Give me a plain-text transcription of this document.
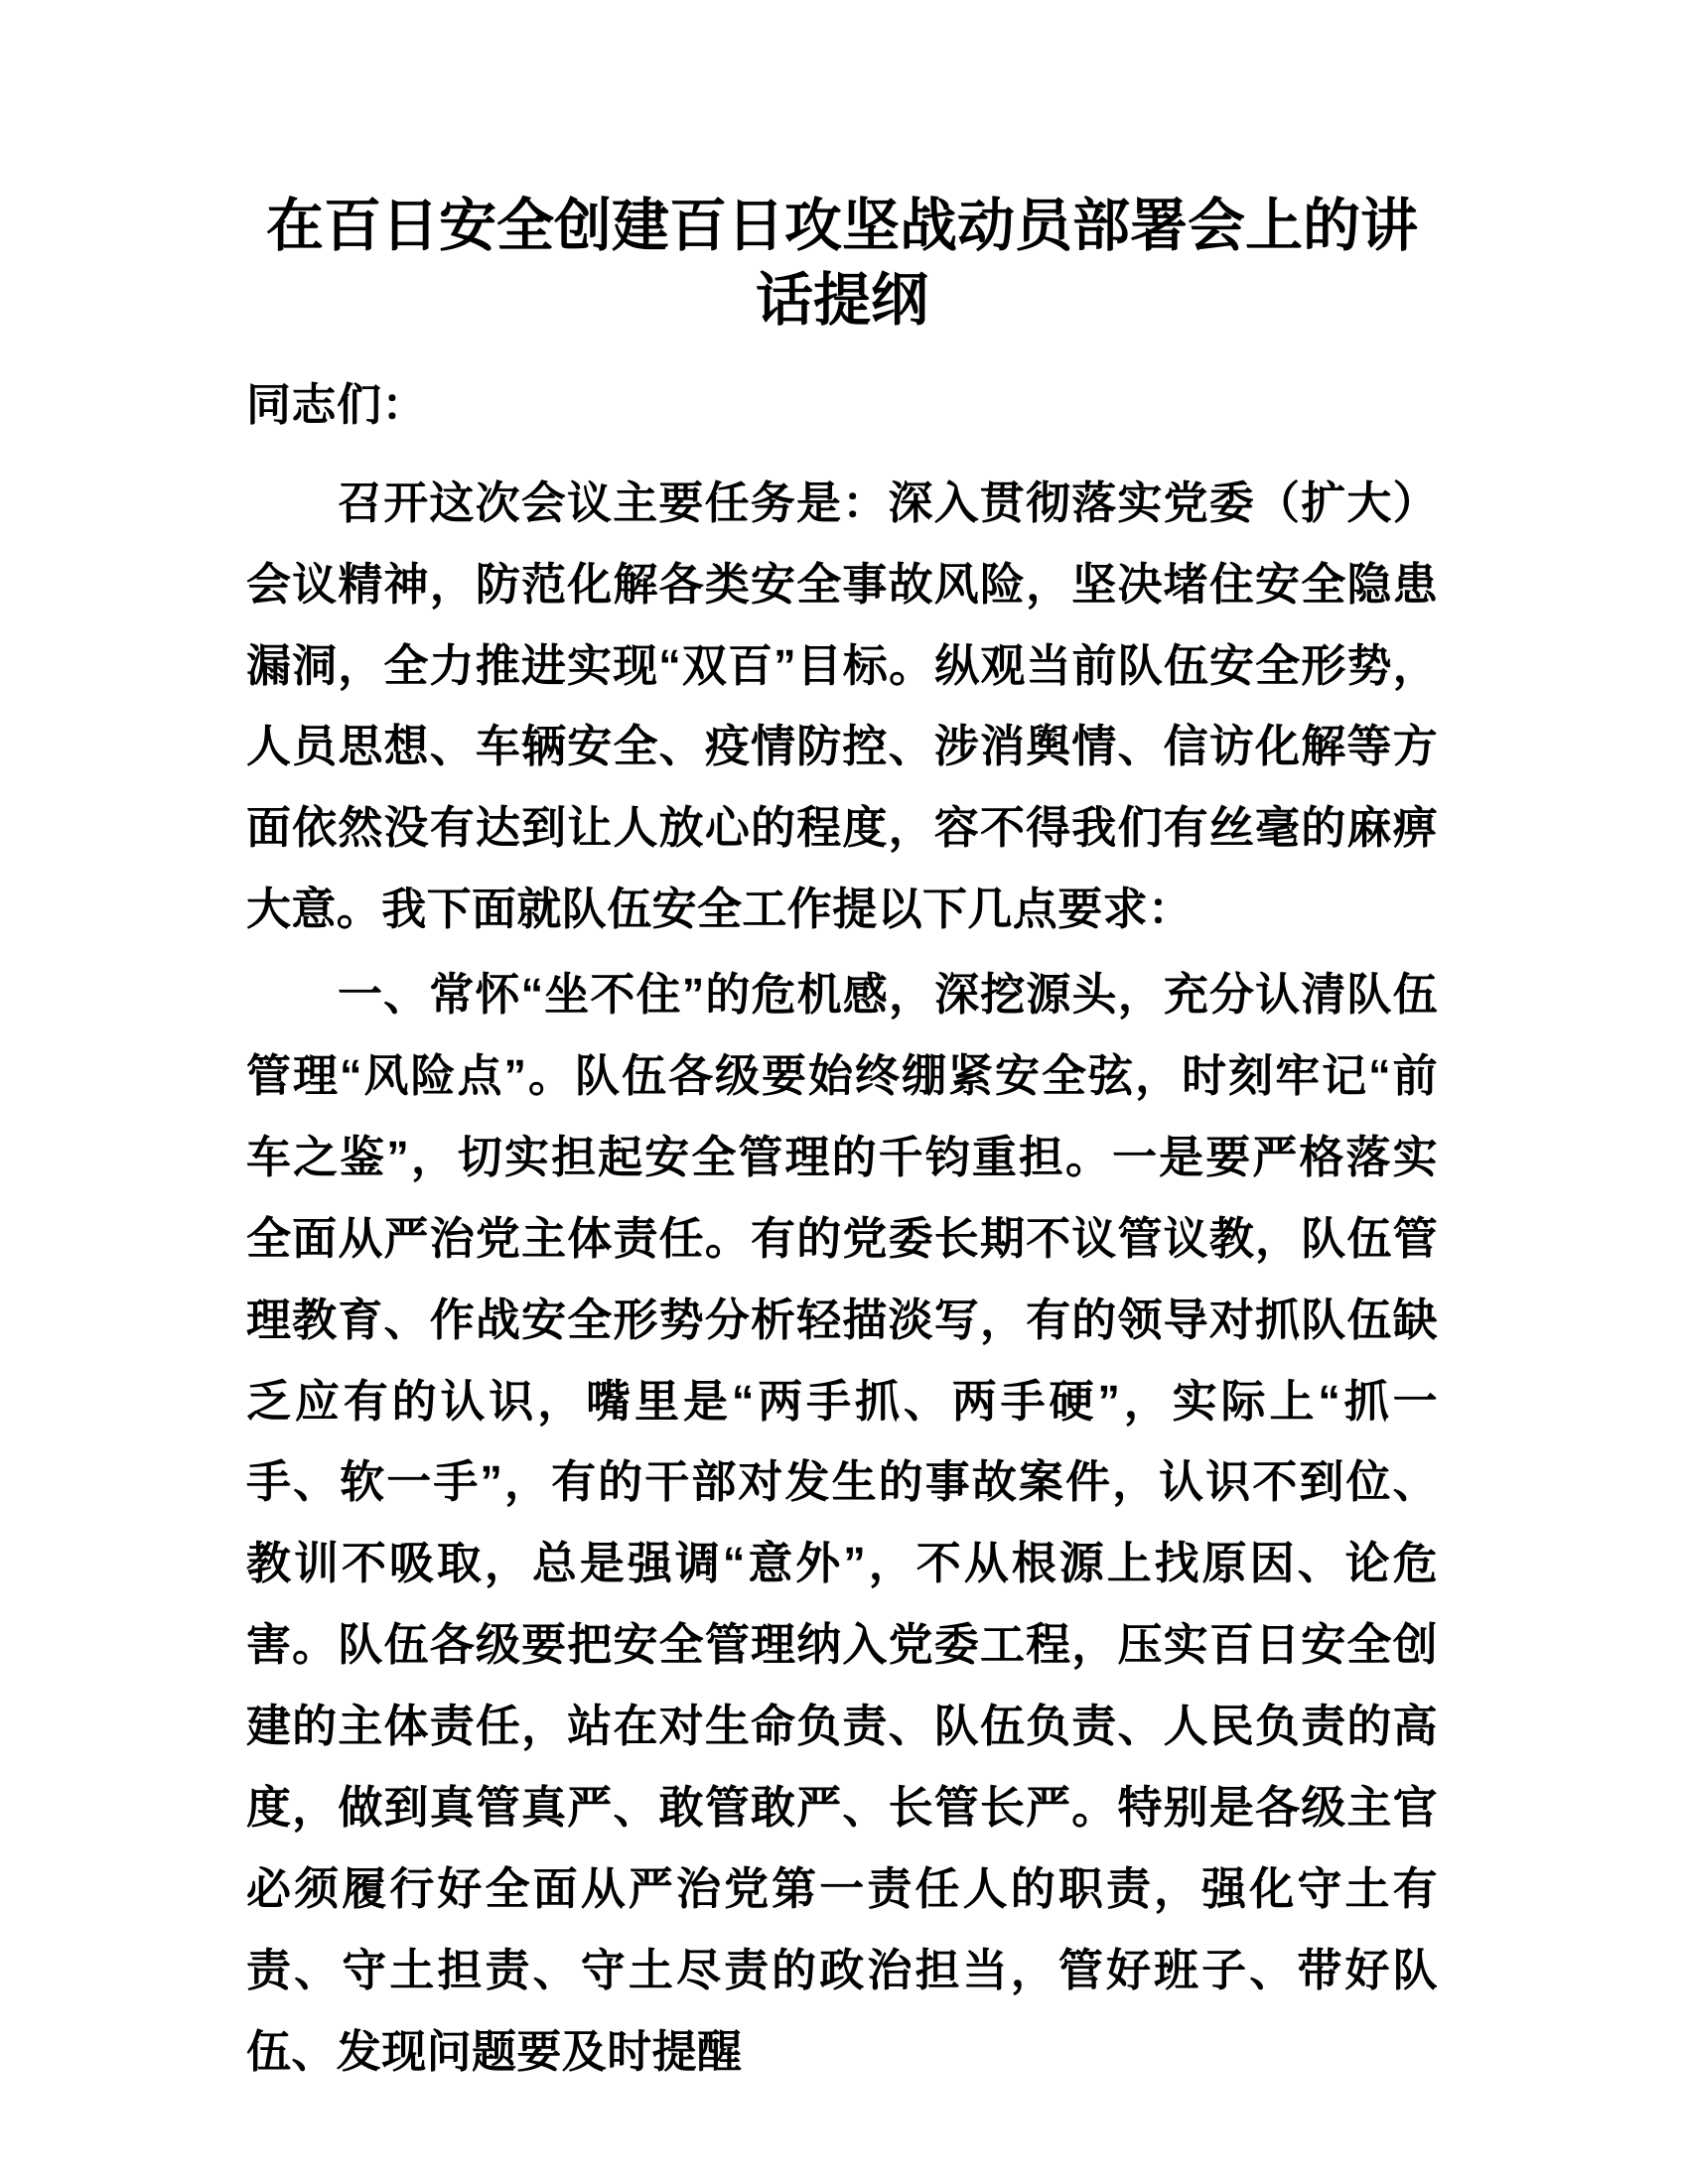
在百日安全创建百日攻坚战动员部署会上的讲话提纲

同志们：

召开这次会议主要任务是：深入贯彻落实党委（扩大）会议精神，防范化解各类安全事故风险，坚决堵住安全隐患漏洞，全力推进实现“双百”目标。纵观当前队伍安全形势，人员思想、车辆安全、疫情防控、涉消舆情、信访化解等方面依然没有达到让人放心的程度，容不得我们有丝毫的麻痹大意。我下面就队伍安全工作提以下几点要求：

一、常怀“坐不住”的危机感，深挖源头，充分认清队伍管理“风险点”。队伍各级要始终绷紧安全弦，时刻牢记“前车之鉴”，切实担起安全管理的千钧重担。一是要严格落实全面从严治党主体责任。有的党委长期不议管议教，队伍管理教育、作战安全形势分析轻描淡写，有的领导对抓队伍缺乏应有的认识，嘴里是“两手抓、两手硬”，实际上“抓一手、软一手”，有的干部对发生的事故案件，认识不到位、教训不吸取，总是强调“意外”，不从根源上找原因、论危害。队伍各级要把安全管理纳入党委工程，压实百日安全创建的主体责任，站在对生命负责、队伍负责、人民负责的高度，做到真管真严、敢管敢严、长管长严。特别是各级主官必须履行好全面从严治党第一责任人的职责，强化守土有责、守土担责、守土尽责的政治担当，管好班子、带好队伍、发现问题要及时提醒
